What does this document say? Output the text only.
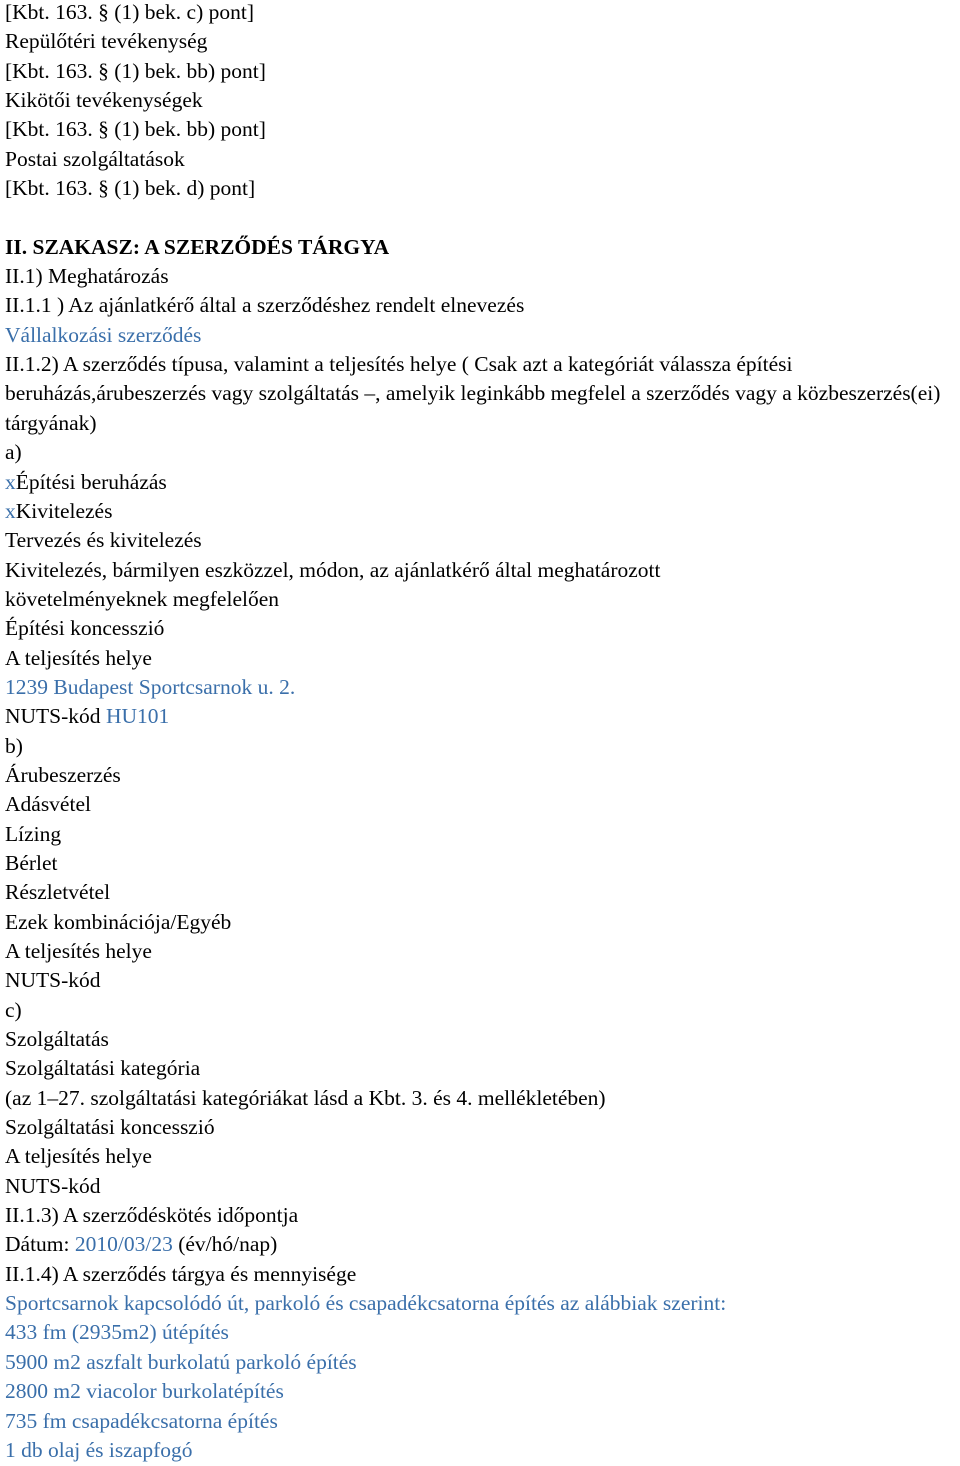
[Kbt. 163. § (1) bek. c) pont]
Repülőtéri tevékenység
[Kbt. 163. § (1) bek. bb) pont]
Kikötői tevékenységek
[Kbt. 163. § (1) bek. bb) pont]
Postai szolgáltatások
[Kbt. 163. § (1) bek. d) pont]
II. SZAKASZ: A SZERZŐDÉS TÁRGYA
II.1) Meghatározás
II.1.1 ) Az ajánlatkérő által a szerződéshez rendelt elnevezés
Vállalkozási szerződés
II.1.2) A szerződés típusa, valamint a teljesítés helye ( Csak azt a kategóriát válassza építési beruházás,árubeszerzés vagy szolgáltatás –, amelyik leginkább megfelel a szerződés vagy a közbeszerzés(ei) tárgyának)
a)
xÉpítési beruházás
xKivitelezés
Tervezés és kivitelezés
Kivitelezés, bármilyen eszközzel, módon, az ajánlatkérő által meghatározott követelményeknek megfelelően
Építési koncesszió
A teljesítés helye
1239 Budapest Sportcsarnok u. 2.
NUTS-kód HU101
b)
Árubeszerzés
Adásvétel
Lízing
Bérlet
Részletvétel
Ezek kombinációja/Egyéb
A teljesítés helye
NUTS-kód
c)
Szolgáltatás
Szolgáltatási kategória
(az 1–27. szolgáltatási kategóriákat lásd a Kbt. 3. és 4. mellékletében)
Szolgáltatási koncesszió
A teljesítés helye
NUTS-kód
II.1.3) A szerződéskötés időpontja
Dátum: 2010/03/23 (év/hó/nap)
II.1.4) A szerződés tárgya és mennyisége
Sportcsarnok kapcsolódó út, parkoló és csapadékcsatorna építés az alábbiak szerint:
433 fm (2935m2) útépítés
5900 m2 aszfalt burkolatú parkoló építés
2800 m2 viacolor burkolatépítés
735 fm csapadékcsatorna építés
1 db olaj és iszapfogó
